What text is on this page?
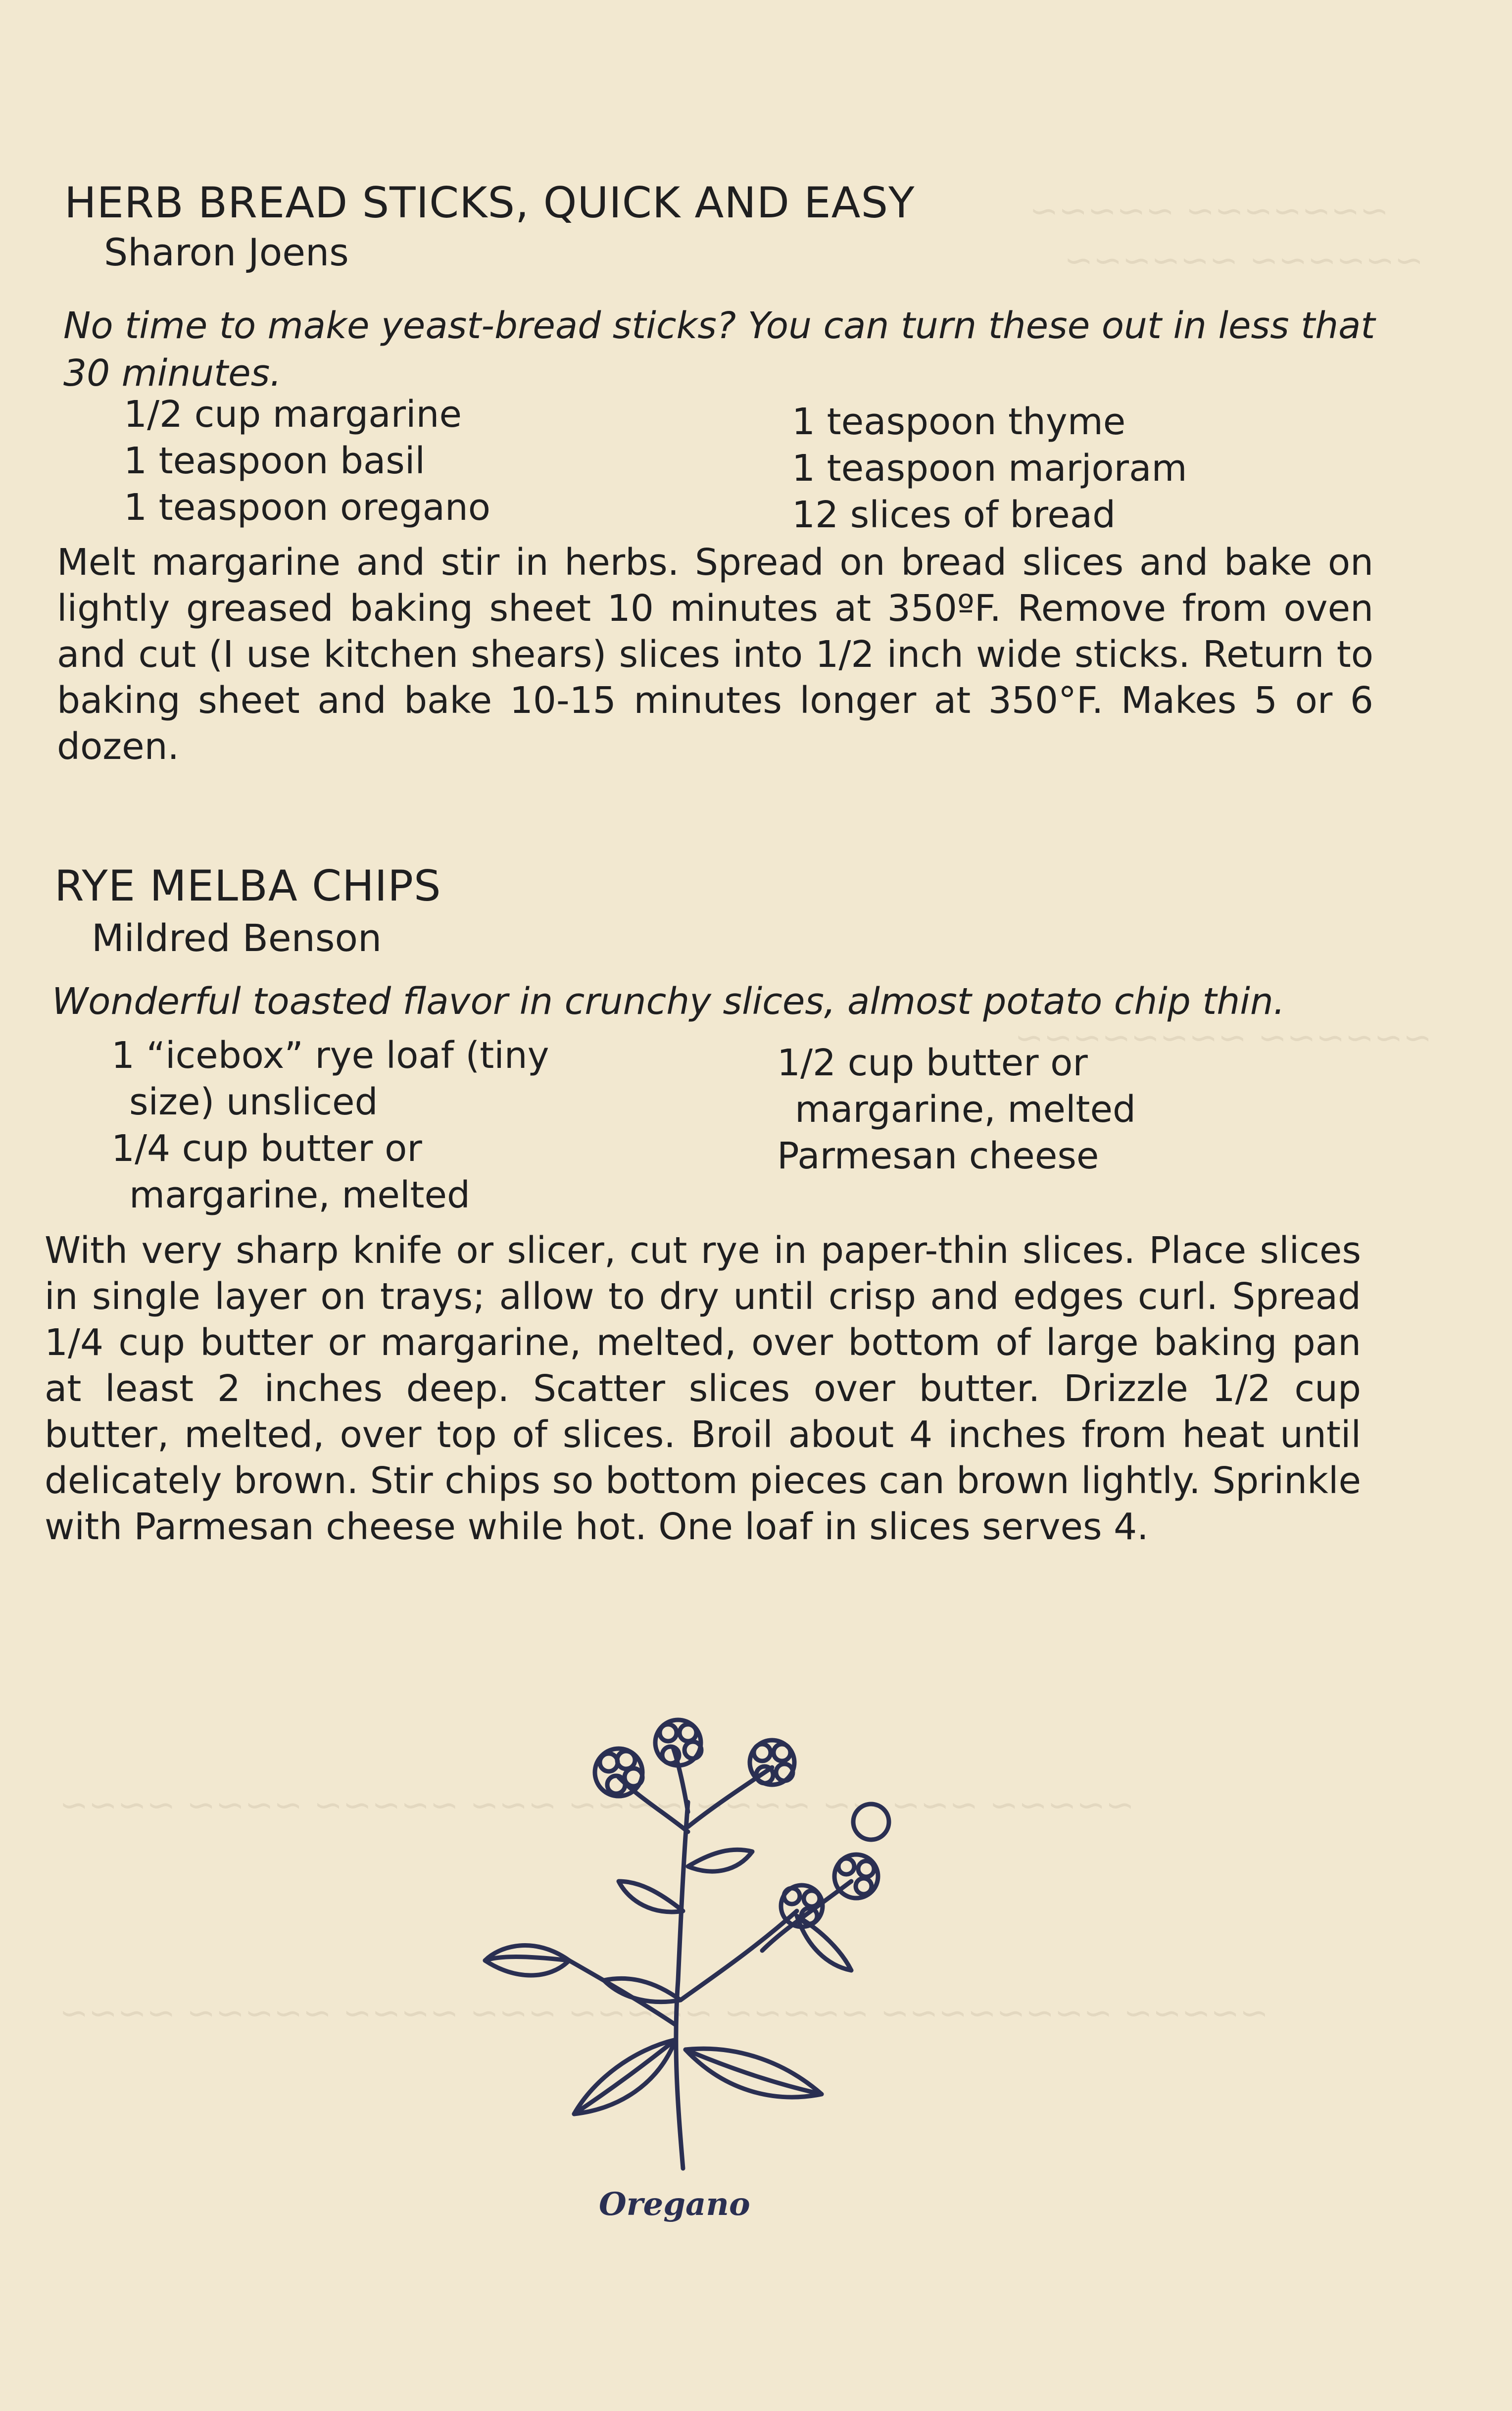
~~~~~~~ ~~~~~
~~~~~~ ~~~~~~
~~~~~~ ~~~~~~~~
~~~~~ ~~~ ~~ ~~~~ ~~~~ ~~~ ~~~~~ ~~~~ ~~~~
~~~~~ ~~~~~~~~ ~~~~~ ~~~~~ ~~~ ~~~~ ~~~~~ ~~~~
HERB BREAD STICKS, QUICK AND EASY
Sharon Joens
No time to make yeast-bread sticks? You can turn these out in less that 30 minutes.
1/2 cup margarine
1 teaspoon basil
1 teaspoon oregano
1 teaspoon thyme
1 teaspoon marjoram
12 slices of bread
Melt margarine and stir in herbs. Spread on bread slices and bake on lightly greased baking sheet 10 minutes at 350ºF. Remove from oven and cut (I use kitchen shears) slices into 1/2 inch wide sticks. Return to baking sheet and bake 10-15 minutes longer at 350°F. Makes 5 or 6 dozen.
RYE MELBA CHIPS
Mildred Benson
Wonderful toasted flavor in crunchy slices, almost potato chip thin.
1 “icebox” rye loaf (tiny
size) unsliced
1/4 cup butter or
margarine, melted
1/2 cup butter or
margarine, melted
Parmesan cheese
With very sharp knife or slicer, cut rye in paper-thin slices. Place slices in single layer on trays; allow to dry until crisp and edges curl. Spread 1/4 cup butter or margarine, melted, over bottom of large baking pan at least 2 inches deep. Scatter slices over butter. Drizzle 1/2 cup butter, melted, over top of slices. Broil about 4 inches from heat until delicately brown. Stir chips so bottom pieces can brown lightly. Sprinkle with Parmesan cheese while hot. One loaf in slices serves 4.
Oregano
